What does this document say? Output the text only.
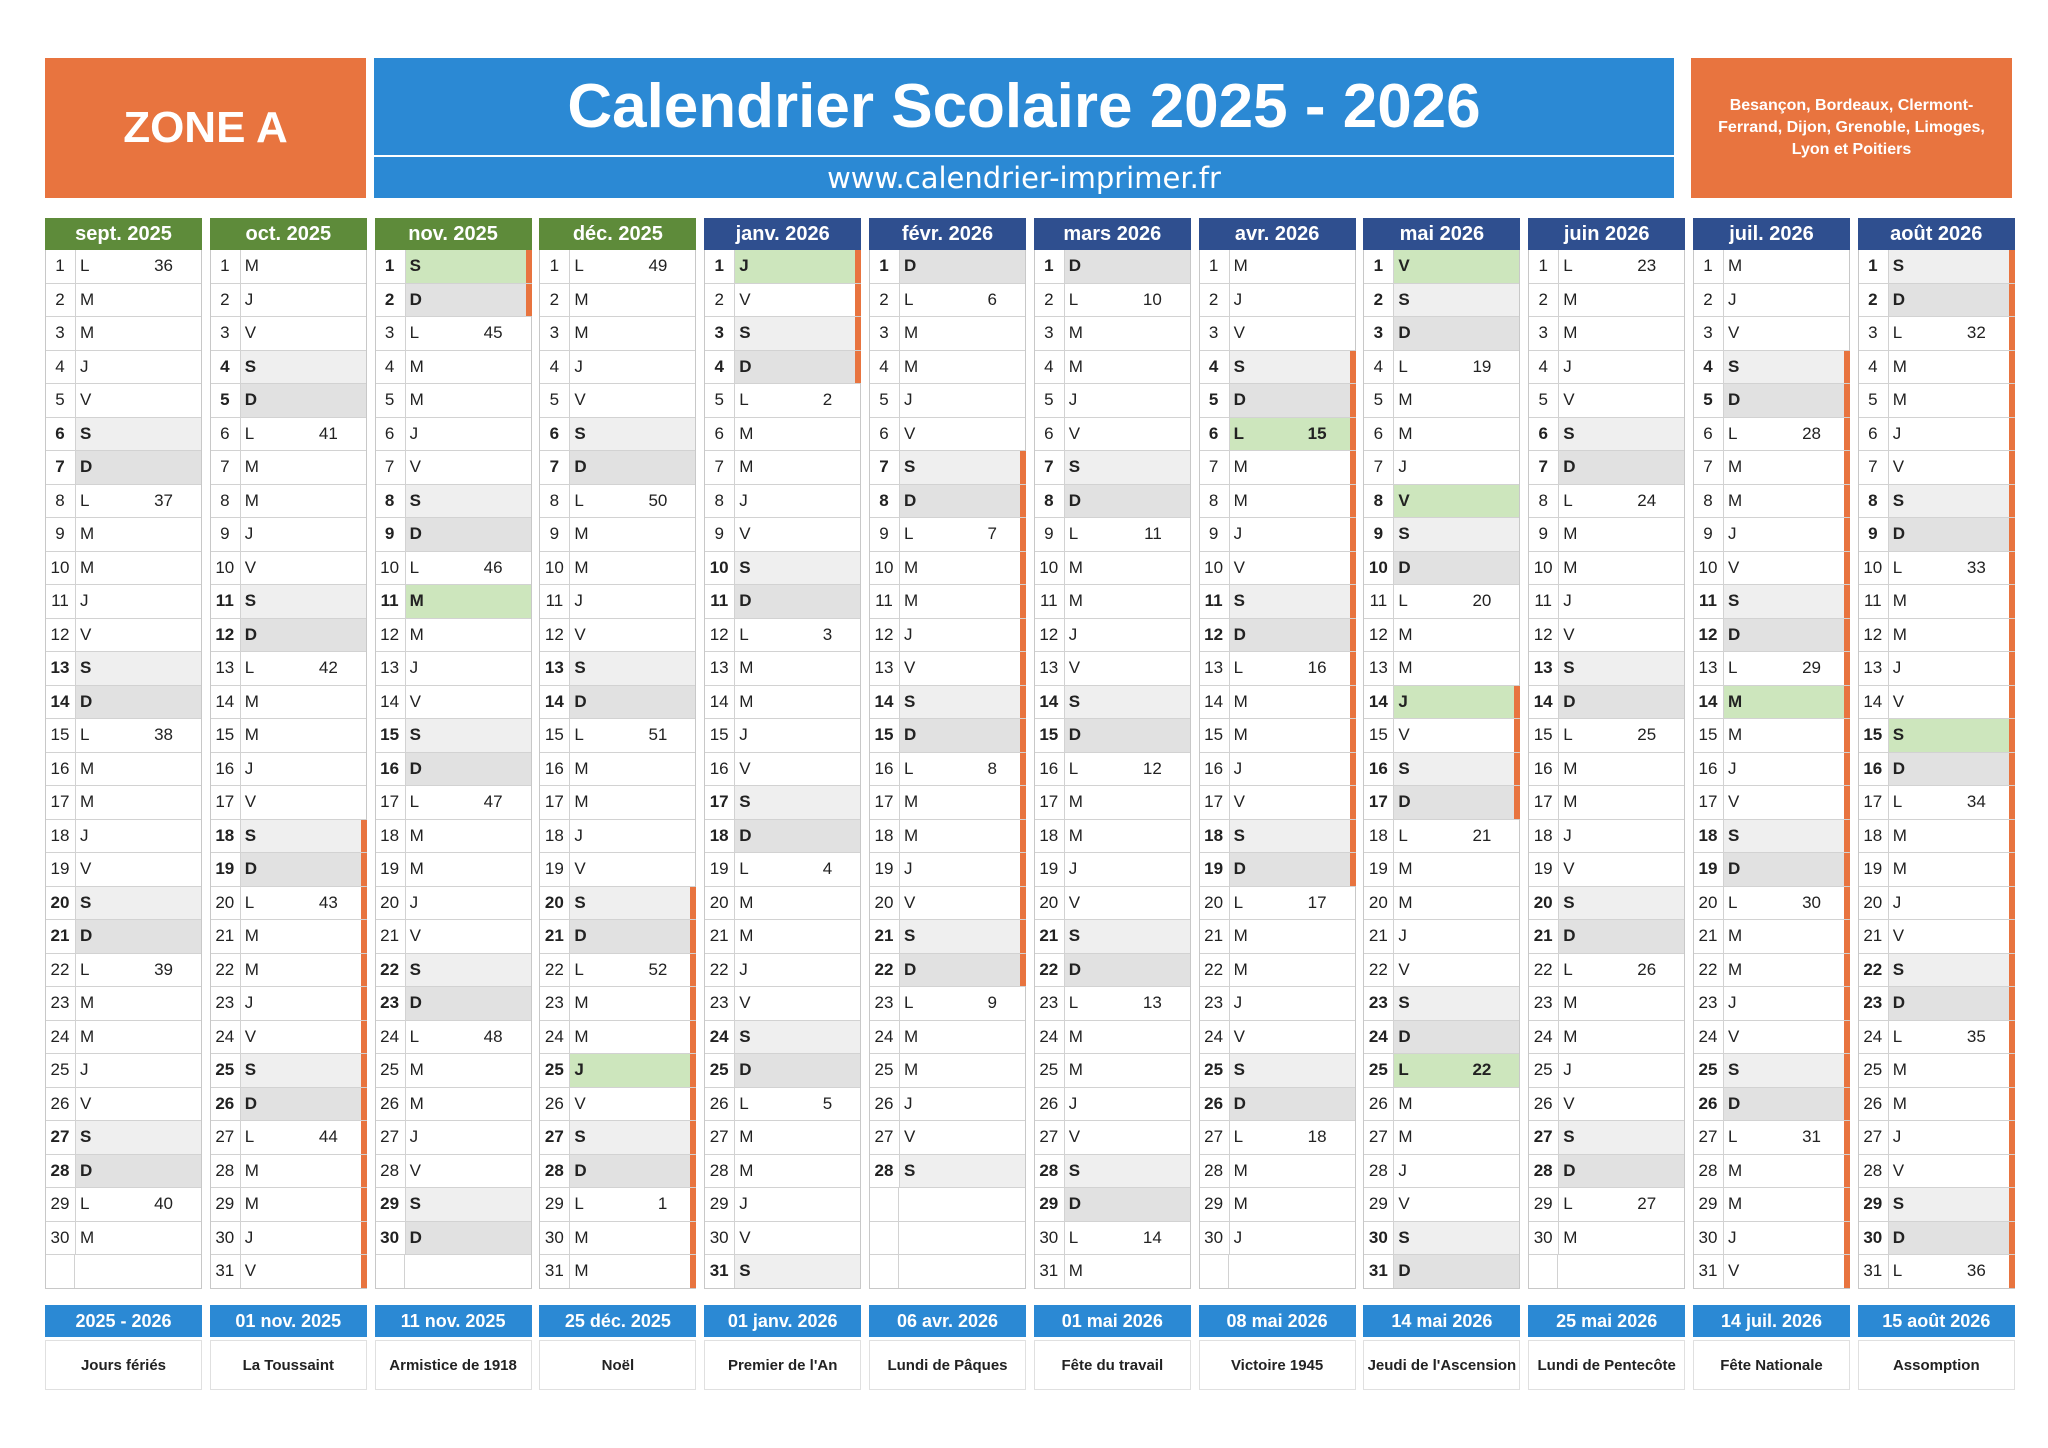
ZONE A	Calendrier Scolaire 2025 - 2026
www.calendrier-imprimer.fr
Besançon, Bordeaux, Clermont-Ferrand, Dijon, Grenoble, Limoges, Lyon et Poitiers
sept. 2025
1 L	36
2 M
3 M
4 J
5 V
6 S
7 D
8 L	37
9 M
10 M
11 J
12 V
13 S
14 D
15 L	38
16 M
17 M
18 J
19 V
20 S
21 D
22 L	39
23 M
24 M
25 J
26 V
27 S
28 D
29 L	40
30 M
oct. 2025
1 M
2 J
3 V
4 S
5 D
6 L	41
7 M
8 M
9 J
10 V
11 S
12 D
13 L	42
14 M
15 M
16 J
17 V
18 S
19 D
20 L	43
21 M
22 M
23 J
24 V
25 S
26 D
27 L	44
28 M
29 M
30 J
31 V
nov. 2025
1 S
2 D
3 L	45
4 M
5 M
6 J
7 V
8 S
9 D
10 L	46
11 M
12 M
13 J
14 V
15 S
16 D
17 L	47
18 M
19 M
20 J
21 V
22 S
23 D
24 L	48
25 M
26 M
27 J
28 V
29 S
30 D
déc. 2025
1 L	49
2 M
3 M
4 J
5 V
6 S
7 D
8 L	50
9 M
10 M
11 J
12 V
13 S
14 D
15 L	51
16 M
17 M
18 J
19 V
20 S
21 D
22 L	52
23 M
24 M
25 J
26 V
27 S
28 D
29 L	1
30 M
31 M
janv. 2026
1 J
2 V
3 S
4 D
5 L	2
6 M
7 M
8 J
9 V
10 S
11 D
12 L	3
13 M
14 M
15 J
16 V
17 S
18 D
19 L	4
20 M
21 M
22 J
23 V
24 S
25 D
26 L	5
27 M
28 M
29 J
30 V
31 S
févr. 2026
1 D
2 L	6
3 M
4 M
5 J
6 V
7 S
8 D
9 L	7
10 M
11 M
12 J
13 V
14 S
15 D
16 L	8
17 M
18 M
19 J
20 V
21 S
22 D
23 L	9
24 M
25 M
26 J
27 V
28 S
mars 2026
1 D
2 L	10
3 M
4 M
5 J
6 V
7 S
8 D
9 L	11
10 M
11 M
12 J
13 V
14 S
15 D
16 L	12
17 M
18 M
19 J
20 V
21 S
22 D
23 L	13
24 M
25 M
26 J
27 V
28 S
29 D
30 L	14
31 M
avr. 2026
1 M
2 J
3 V
4 S
5 D
6 L	15
7 M
8 M
9 J
10 V
11 S
12 D
13 L	16
14 M
15 M
16 J
17 V
18 S
19 D
20 L	17
21 M
22 M
23 J
24 V
25 S
26 D
27 L	18
28 M
29 M
30 J
mai 2026
1 V
2 S
3 D
4 L	19
5 M
6 M
7 J
8 V
9 S
10 D
11 L	20
12 M
13 M
14 J
15 V
16 S
17 D
18 L	21
19 M
20 M
21 J
22 V
23 S
24 D
25 L	22
26 M
27 M
28 J
29 V
30 S
31 D
juin 2026
1 L	23
2 M
3 M
4 J
5 V
6 S
7 D
8 L	24
9 M
10 M
11 J
12 V
13 S
14 D
15 L	25
16 M
17 M
18 J
19 V
20 S
21 D
22 L	26
23 M
24 M
25 J
26 V
27 S
28 D
29 L	27
30 M
juil. 2026
1 M
2 J
3 V
4 S
5 D
6 L	28
7 M
8 M
9 J
10 V
11 S
12 D
13 L	29
14 M
15 M
16 J
17 V
18 S
19 D
20 L	30
21 M
22 M
23 J
24 V
25 S
26 D
27 L	31
28 M
29 M
30 J
31 V
août 2026
1 S
2 D
3 L	32
4 M
5 M
6 J
7 V
8 S
9 D
10 L	33
11 M
12 M
13 J
14 V
15 S
16 D
17 L	34
18 M
19 M
20 J
21 V
22 S
23 D
24 L	35
25 M
26 M
27 J
28 V
29 S
30 D
31 L	36
2025 - 2026
Jours fériés
01 nov. 2025
La Toussaint
11 nov. 2025
Armistice de 1918
25 déc. 2025
Noël
01 janv. 2026
Premier de l'An
06 avr. 2026
Lundi de Pâques
01 mai 2026
Fête du travail
08 mai 2026
Victoire 1945
14 mai 2026
Jeudi de l'Ascension
25 mai 2026
Lundi de Pentecôte
14 juil. 2026
Fête Nationale
15 août 2026
Assomption
